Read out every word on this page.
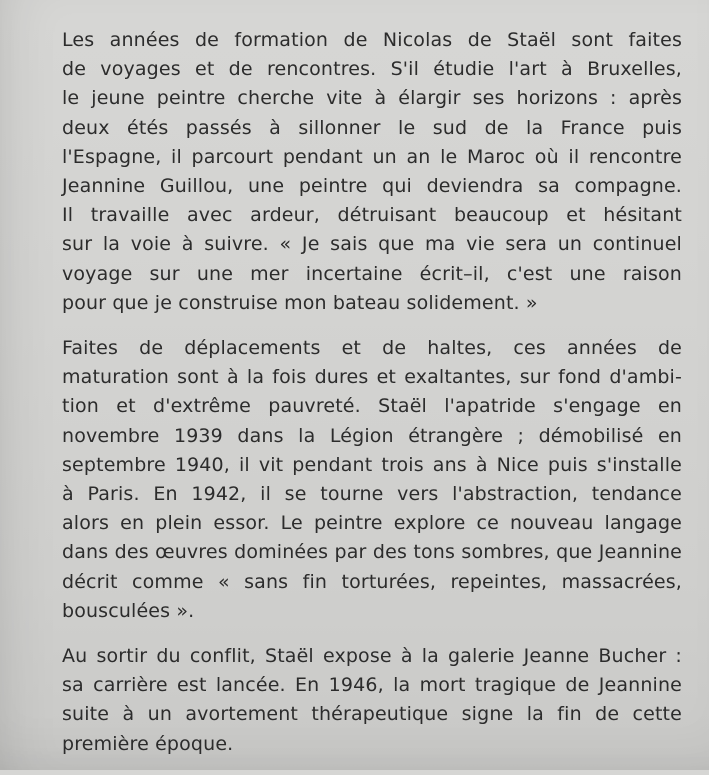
Les années de formation de Nicolas de Staël sont faites
de voyages et de rencontres. S'il étudie l'art à Bruxelles,
le jeune peintre cherche vite à élargir ses horizons : après
deux étés passés à sillonner le sud de la France puis
l'Espagne, il parcourt pendant un an le Maroc où il rencontre
Jeannine Guillou, une peintre qui deviendra sa compagne.
Il travaille avec ardeur, détruisant beaucoup et hésitant
sur la voie à suivre. « Je sais que ma vie sera un continuel
voyage sur une mer incertaine écrit–il, c'est une raison
pour que je construise mon bateau solidement. »

Faites de déplacements et de haltes, ces années de
maturation sont à la fois dures et exaltantes, sur fond d'ambi-
tion et d'extrême pauvreté. Staël l'apatride s'engage en
novembre 1939 dans la Légion étrangère ; démobilisé en
septembre 1940, il vit pendant trois ans à Nice puis s'installe
à Paris. En 1942, il se tourne vers l'abstraction, tendance
alors en plein essor. Le peintre explore ce nouveau langage
dans des œuvres dominées par des tons sombres, que Jeannine
décrit comme « sans fin torturées, repeintes, massacrées,
bousculées ».

Au sortir du conflit, Staël expose à la galerie Jeanne Bucher :
sa carrière est lancée. En 1946, la mort tragique de Jeannine
suite à un avortement thérapeutique signe la fin de cette
première époque.
